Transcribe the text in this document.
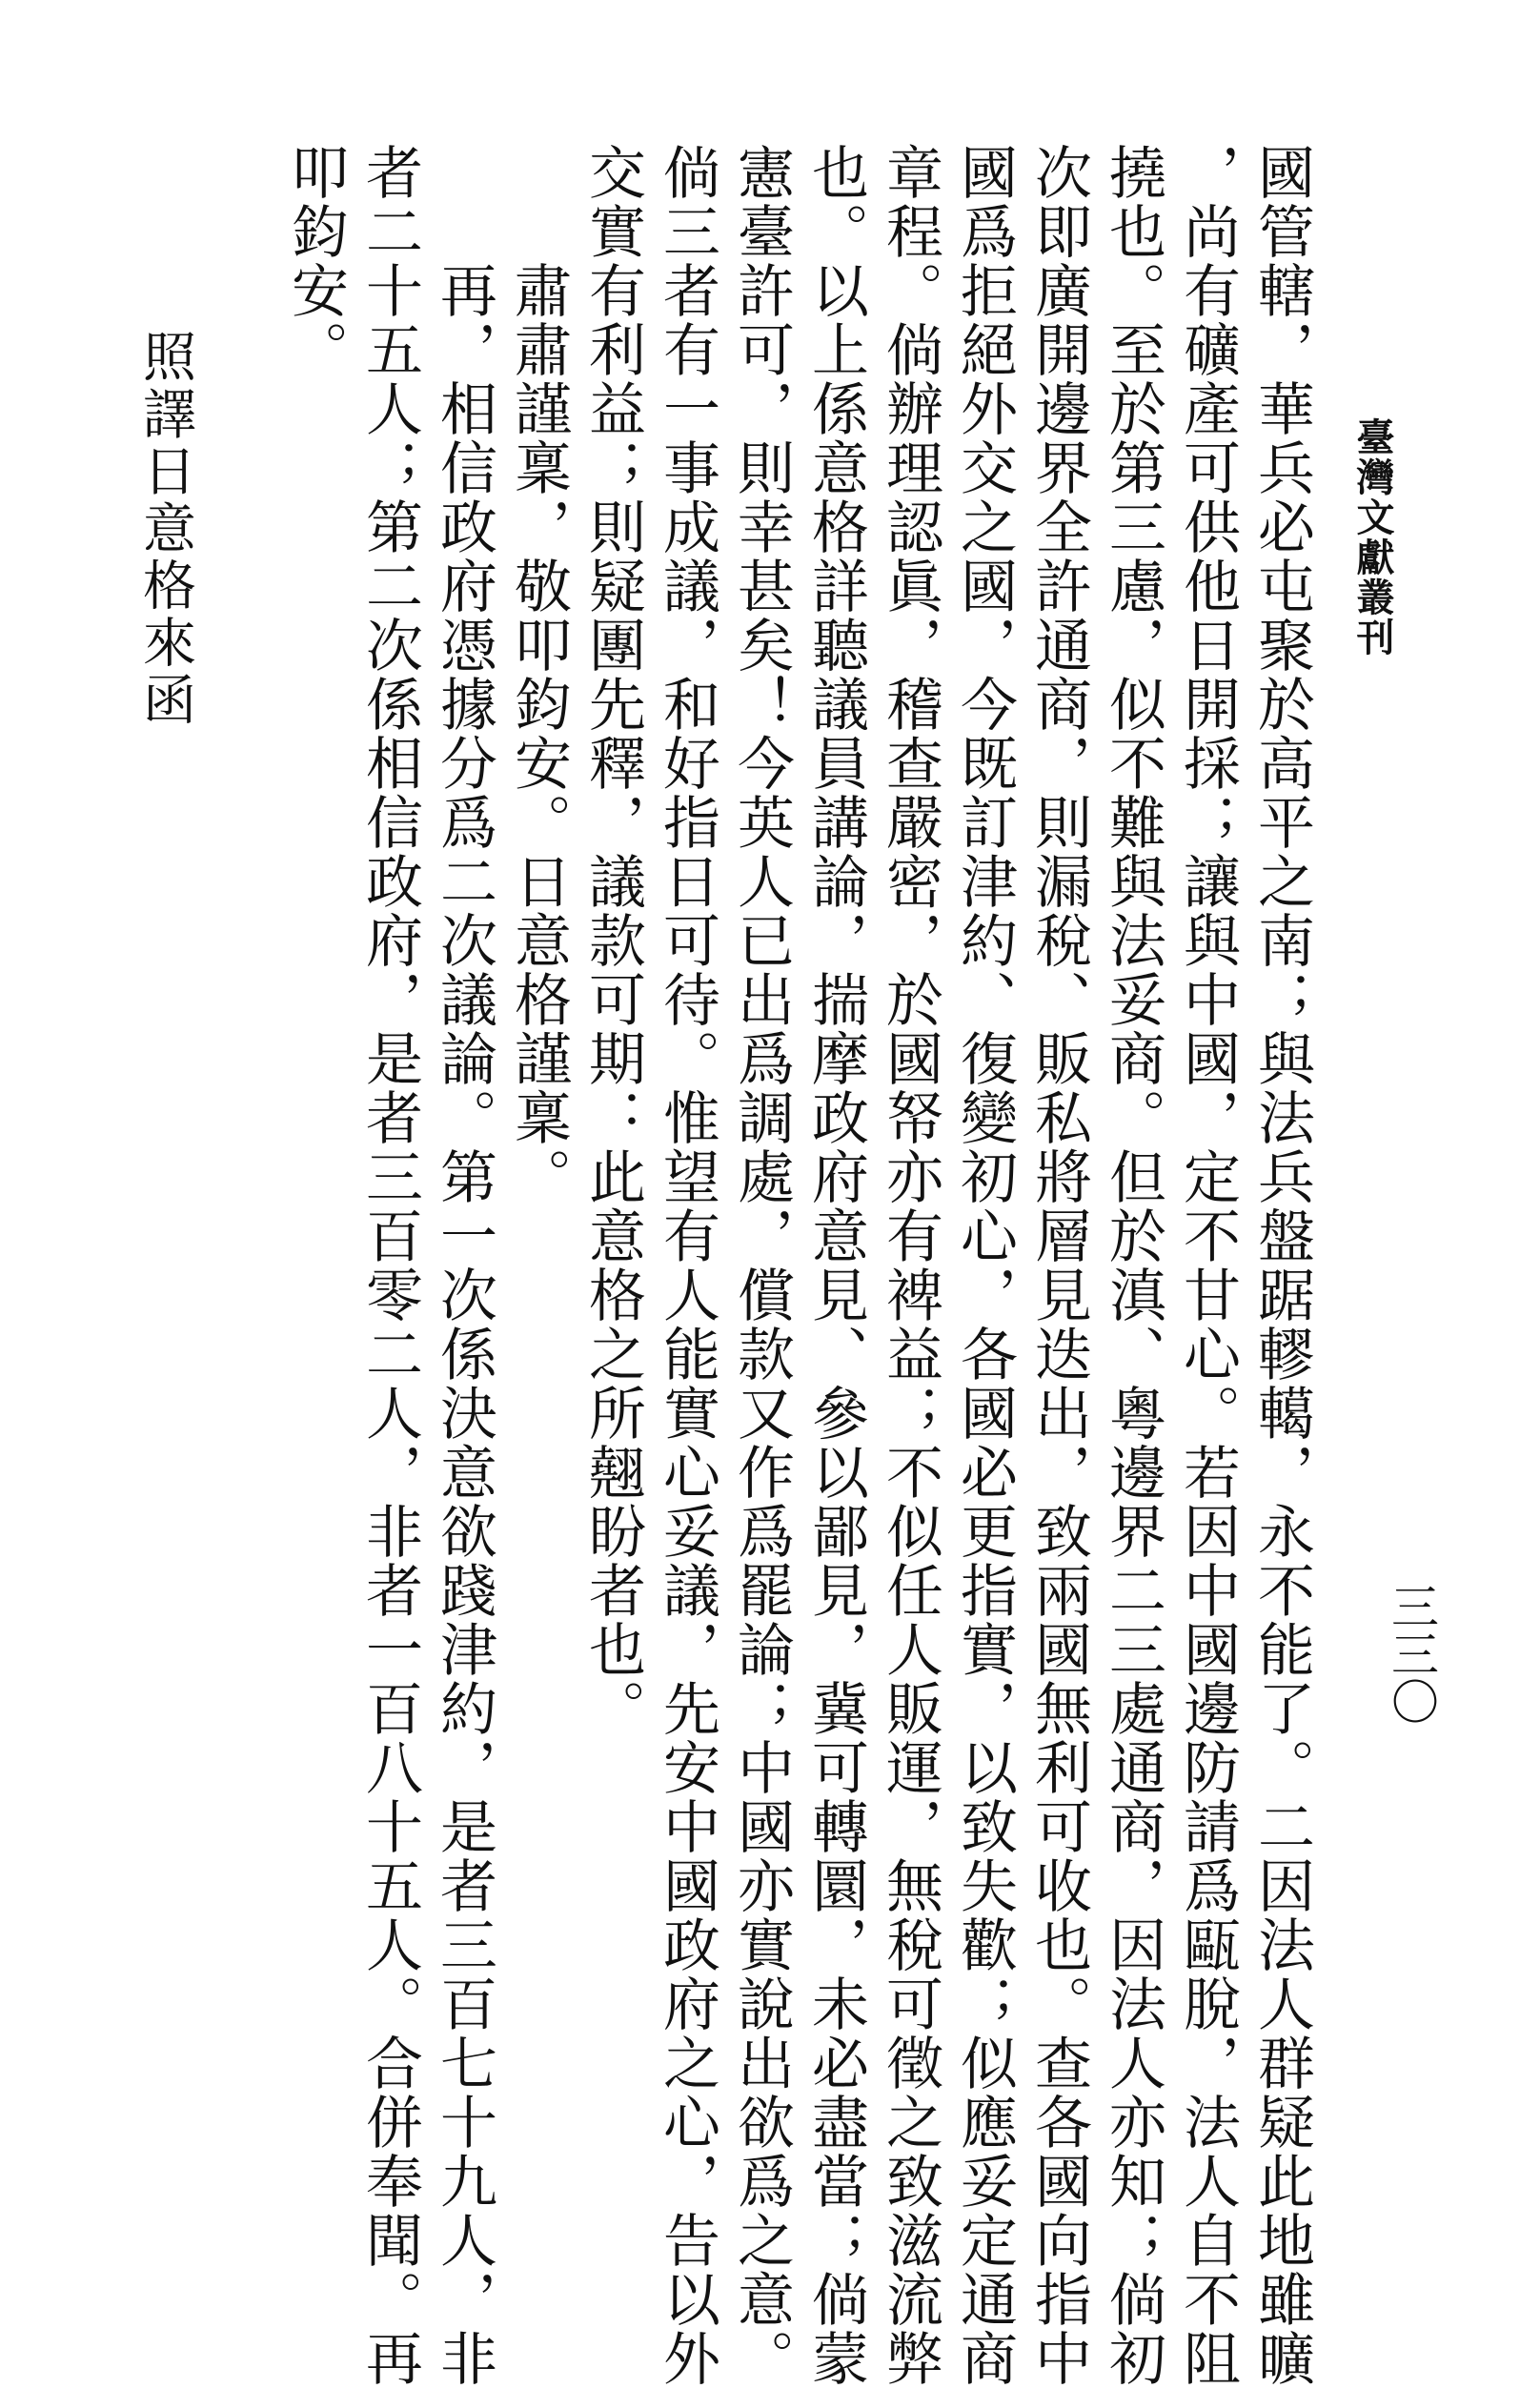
臺灣文獻叢刊
三三〇
國管轄，華兵必屯聚於高平之南；與法兵盤踞轇轕，永不能了。二因法人群疑此地雖曠
，尚有礦產可供他日開採；讓與中國，定不甘心。若因中國邊防請爲甌脫，法人自不阻
撓也。至於第三慮，似不難與法妥商。但於滇、粵邊界二三處通商，因法人亦知；倘初
次即廣開邊界全許通商，則漏稅、販私將層見迭出，致兩國無利可收也。查各國向指中
國爲拒絕外交之國，今既訂津約、復變初心，各國必更指實，以致失歡；似應妥定通商
章程。倘辦理認眞，稽查嚴密，於國帑亦有裨益；不似任人販運，無稅可徵之致滋流弊
也。以上係意格詳聽議員講論，揣摩政府意見、參以鄙見，冀可轉圜，未必盡當；倘蒙
憲臺許可，則幸甚矣！今英人已出爲調處，償款又作爲罷論；中國亦實說出欲爲之意。
倘三者有一事成議，和好指日可待。惟望有人能實心妥議，先安中國政府之心，告以外
交實有利益；則疑團先釋，議款可期：此意格之所翹盼者也。
　　肅肅謹稟，敬叩鈞安。日意格謹稟。
　　再，相信政府憑據分爲二次議論。第一次係決意欲踐津約，是者三百七十九人，非
者二十五人；第二次係相信政府，是者三百零二人，非者一百八十五人。合併奉聞。再
叩鈞安。
照譯日意格來函
